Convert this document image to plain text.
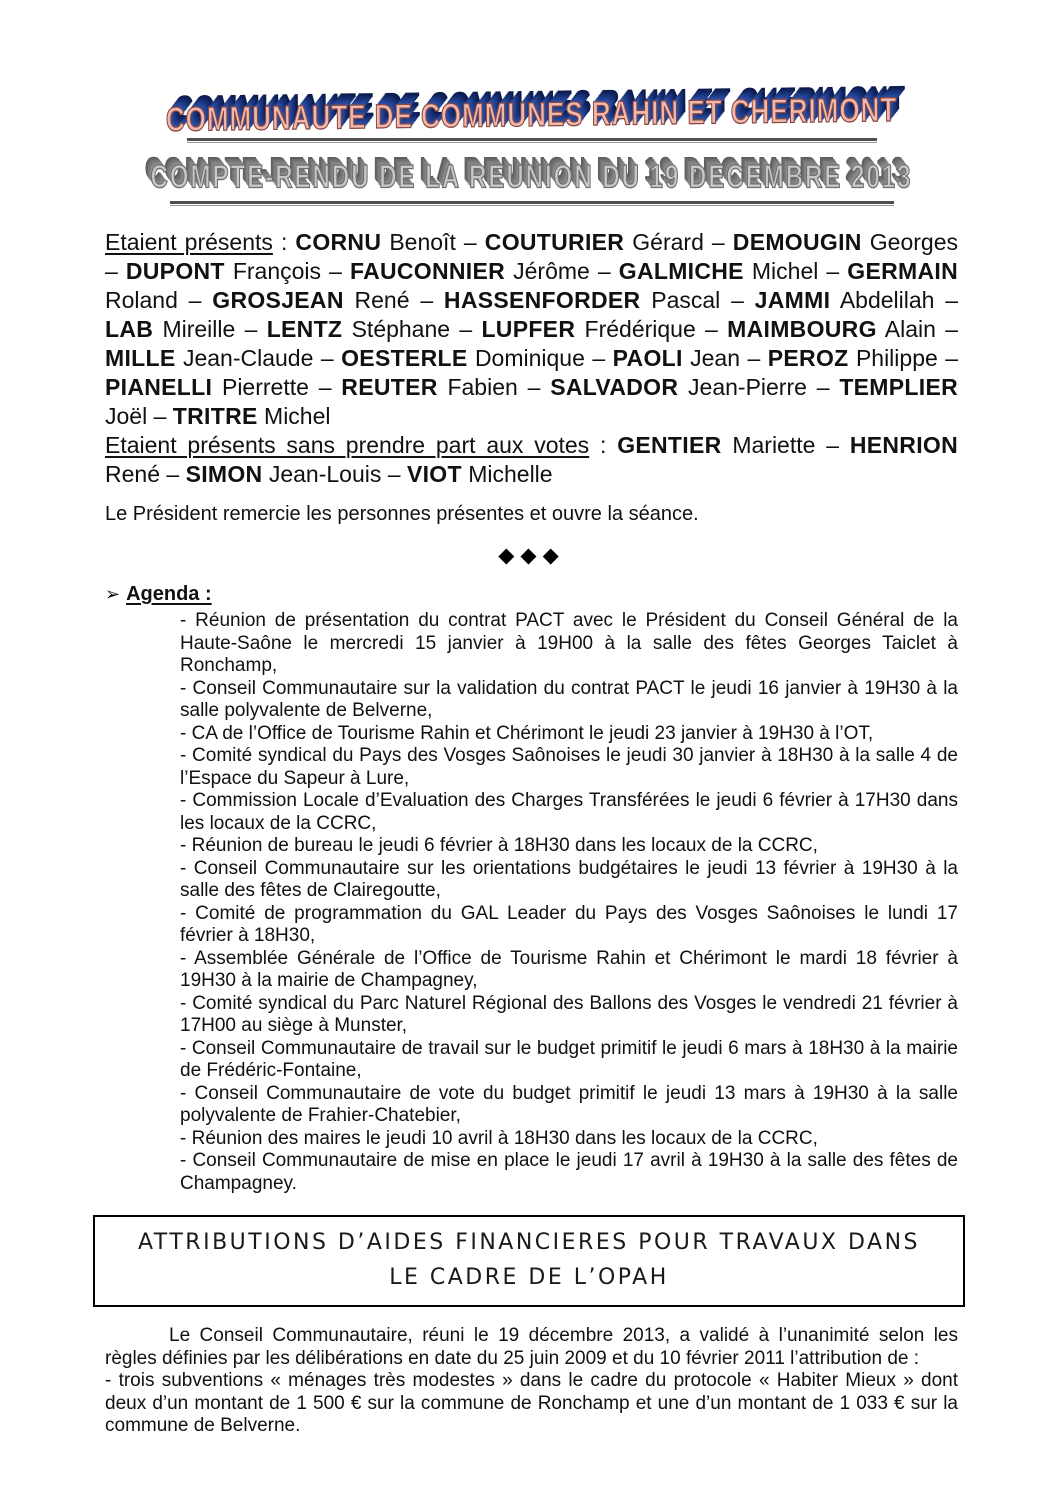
COMMUNAUTE DE COMMUNES RAHIN ET CHERIMONT
COMPTE-RENDU DE LA REUNION DU 19 DECEMBRE 2013

Etaient présents : CORNU Benoît – COUTURIER Gérard – DEMOUGIN Georges – DUPONT François – FAUCONNIER Jérôme – GALMICHE Michel – GERMAIN Roland – GROSJEAN René – HASSENFORDER Pascal – JAMMI Abdelilah – LAB Mireille – LENTZ Stéphane – LUPFER Frédérique – MAIMBOURG Alain – MILLE Jean-Claude – OESTERLE Dominique – PAOLI Jean – PEROZ Philippe – PIANELLI Pierrette – REUTER Fabien – SALVADOR Jean-Pierre – TEMPLIER Joël – TRITRE Michel

Etaient présents sans prendre part aux votes : GENTIER Mariette – HENRION René – SIMON Jean-Louis – VIOT Michelle

Le Président remercie les personnes présentes et ouvre la séance.

◆◆◆
➢ Agenda :

- Réunion de présentation du contrat PACT avec le Président du Conseil Général de la Haute-Saône le mercredi 15 janvier à 19H00 à la salle des fêtes Georges Taiclet à Ronchamp,

- Conseil Communautaire sur la validation du contrat PACT le jeudi 16 janvier à 19H30 à la salle polyvalente de Belverne,

- CA de l’Office de Tourisme Rahin et Chérimont le jeudi 23 janvier à 19H30 à l’OT,

- Comité syndical du Pays des Vosges Saônoises le jeudi 30 janvier à 18H30 à la salle 4 de l’Espace du Sapeur à Lure,

- Commission Locale d’Evaluation des Charges Transférées le jeudi 6 février à 17H30 dans les locaux de la CCRC,

- Réunion de bureau le jeudi 6 février à 18H30 dans les locaux de la CCRC,

- Conseil Communautaire sur les orientations budgétaires le jeudi 13 février à 19H30 à la salle des fêtes de Clairegoutte,

- Comité de programmation du GAL Leader du Pays des Vosges Saônoises le lundi 17 février à 18H30,

- Assemblée Générale de l’Office de Tourisme Rahin et Chérimont le mardi 18 février à 19H30 à la mairie de Champagney,

- Comité syndical du Parc Naturel Régional des Ballons des Vosges le vendredi 21 février à 17H00 au siège à Munster,

- Conseil Communautaire de travail sur le budget primitif le jeudi 6 mars à 18H30 à la mairie de Frédéric-Fontaine,

- Conseil Communautaire de vote du budget primitif le jeudi 13 mars à 19H30 à la salle polyvalente de Frahier-Chatebier,

- Réunion des maires le jeudi 10 avril à 18H30 dans les locaux de la CCRC,

- Conseil Communautaire de mise en place le jeudi 17 avril à 19H30 à la salle des fêtes de Champagney.

ATTRIBUTIONS D’AIDES FINANCIERES POUR TRAVAUX DANS
LE CADRE DE L’OPAH

Le Conseil Communautaire, réuni le 19 décembre 2013, a validé à l’unanimité selon les règles définies par les délibérations en date du 25 juin 2009 et du 10 février 2011 l’attribution de :

- trois subventions « ménages très modestes » dans le cadre du protocole « Habiter Mieux » dont deux d’un montant de 1 500 € sur la commune de Ronchamp et une d’un montant de 1 033 € sur la commune de Belverne.
